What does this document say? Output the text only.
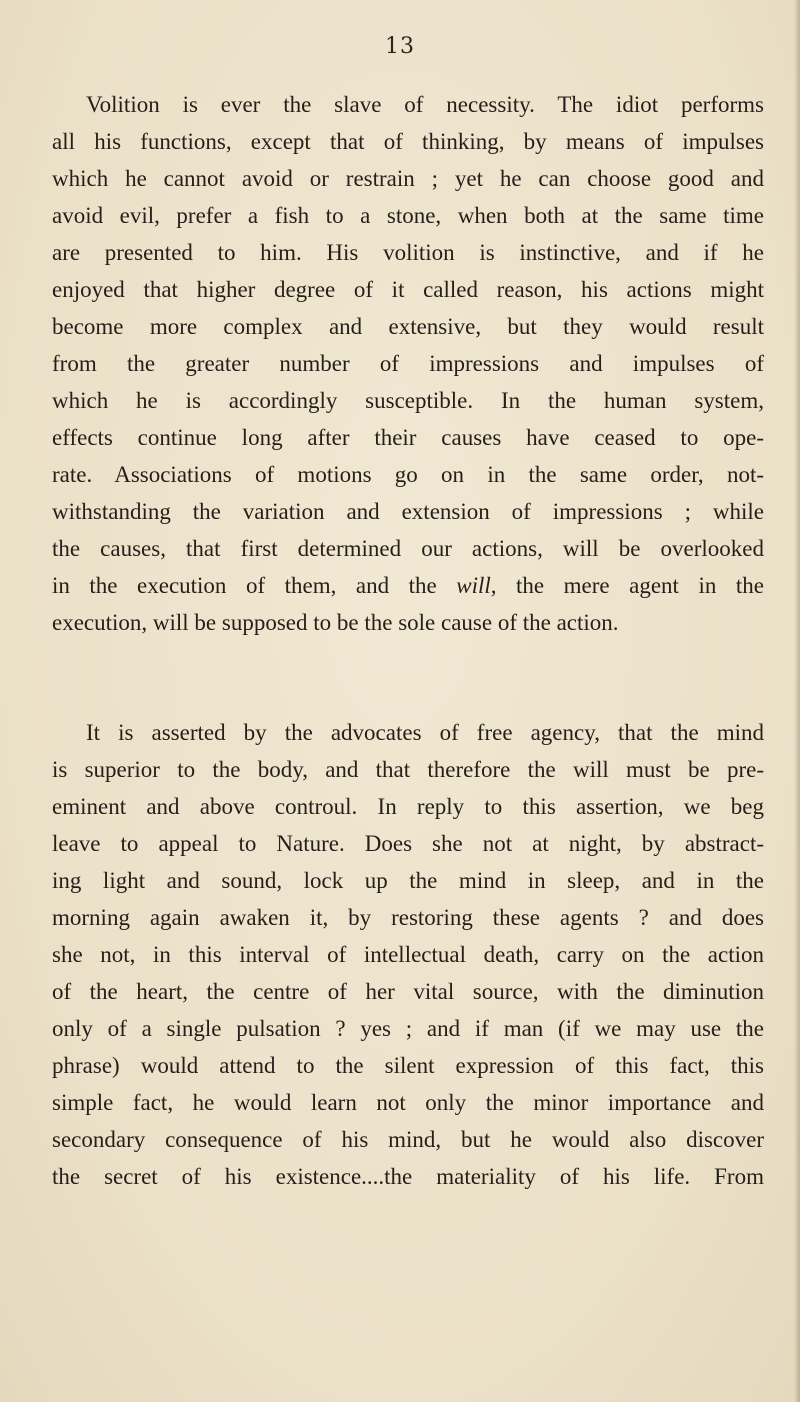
13
Volition is ever the slave of necessity. The idiot performs
all his functions, except that of thinking, by means of impulses
which he cannot avoid or restrain ; yet he can choose good and
avoid evil, prefer a fish to a stone, when both at the same time
are presented to him. His volition is instinctive, and if he
enjoyed that higher degree of it called reason, his actions might
become more complex and extensive, but they would result
from the greater number of impressions and impulses of
which he is accordingly susceptible. In the human system,
effects continue long after their causes have ceased to ope-
rate. Associations of motions go on in the same order, not-
withstanding the variation and extension of impressions ; while
the causes, that first determined our actions, will be overlooked
in the execution of them, and the will, the mere agent in the
execution, will be supposed to be the sole cause of the action.
It is asserted by the advocates of free agency, that the mind
is superior to the body, and that therefore the will must be pre-
eminent and above controul. In reply to this assertion, we beg
leave to appeal to Nature. Does she not at night, by abstract-
ing light and sound, lock up the mind in sleep, and in the
morning again awaken it, by restoring these agents ? and does
she not, in this interval of intellectual death, carry on the action
of the heart, the centre of her vital source, with the diminution
only of a single pulsation ? yes ; and if man (if we may use the
phrase) would attend to the silent expression of this fact, this
simple fact, he would learn not only the minor importance and
secondary consequence of his mind, but he would also discover
the secret of his existence....the materiality of his life. From
